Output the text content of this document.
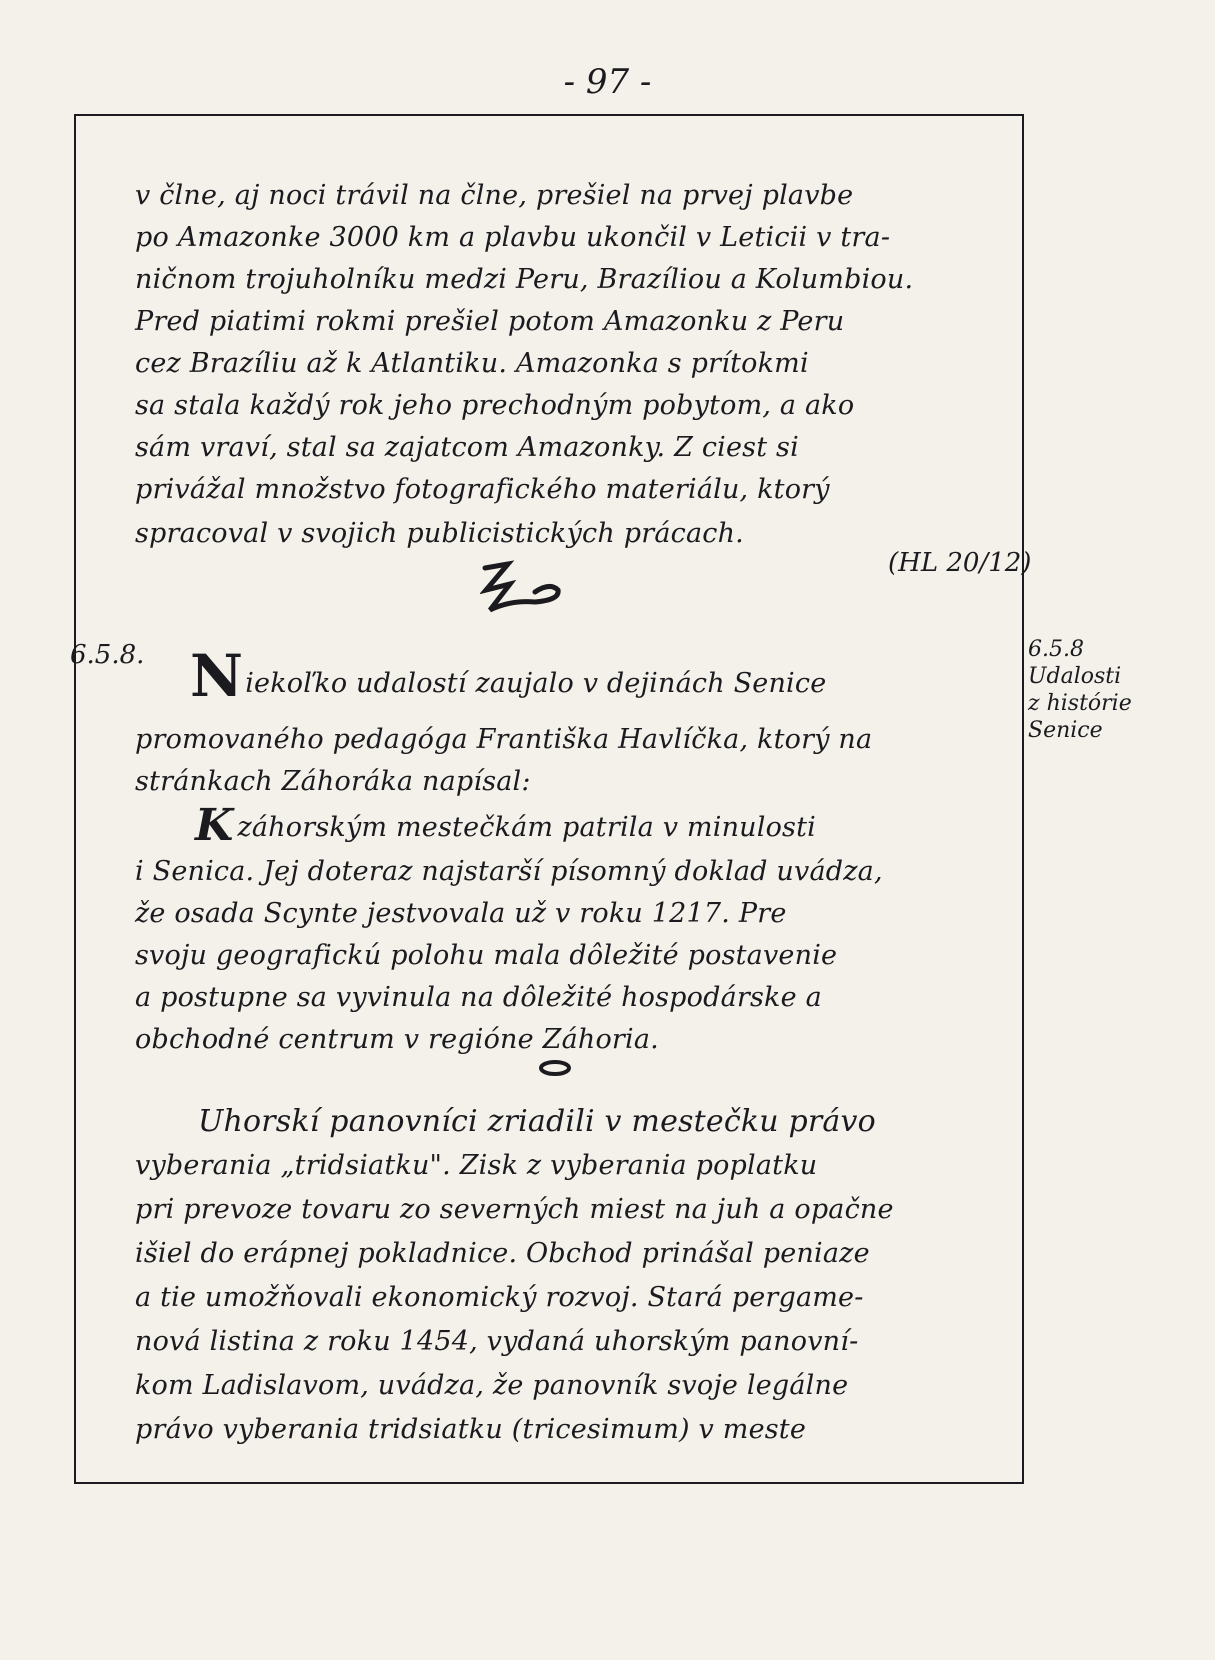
- 97 -
v člne, aj noci trávil na člne, prešiel na prvej plavbe
po Amazonke 3000 km a plavbu ukončil v Leticii v tra-
ničnom trojuholníku medzi Peru, Brazíliou a Kolumbiou.
Pred piatimi rokmi prešiel potom Amazonku z Peru
cez Brazíliu až k Atlantiku. Amazonka s prítokmi
sa stala každý rok jeho prechodným pobytom, a ako
sám vraví, stal sa zajatcom Amazonky. Z ciest si
privážal množstvo fotografického materiálu, ktorý
spracoval v svojich publicistických prácach.
(HL 20/12)
6.5.8.	6.5.8
Udalosti
z histórie
Senice
Niekoľko udalostí zaujalo v dejinách Senice
promovaného pedagóga Františka Havlíčka, ktorý na
stránkach Záhoráka napísal:
Kzáhorským mestečkám patrila v minulosti
i Senica. Jej doteraz najstarší písomný doklad uvádza,
že osada Scynte jestvovala už v roku 1217. Pre
svoju geografickú polohu mala dôležité postavenie
a postupne sa vyvinula na dôležité hospodárske a
obchodné centrum v regióne Záhoria.
Uhorskí panovníci zriadili v mestečku právo
vyberania „tridsiatku". Zisk z vyberania poplatku
pri prevoze tovaru zo severných miest na juh a opačne
išiel do eráрnej pokladnice. Obchod prinášal peniaze
a tie umožňovali ekonomický rozvoj. Stará pergame-
nová listina z roku 1454, vydaná uhorským panovní-
kom Ladislavom, uvádza, že panovník svoje legálne
právo vyberania tridsiatku (tricesimum) v meste
